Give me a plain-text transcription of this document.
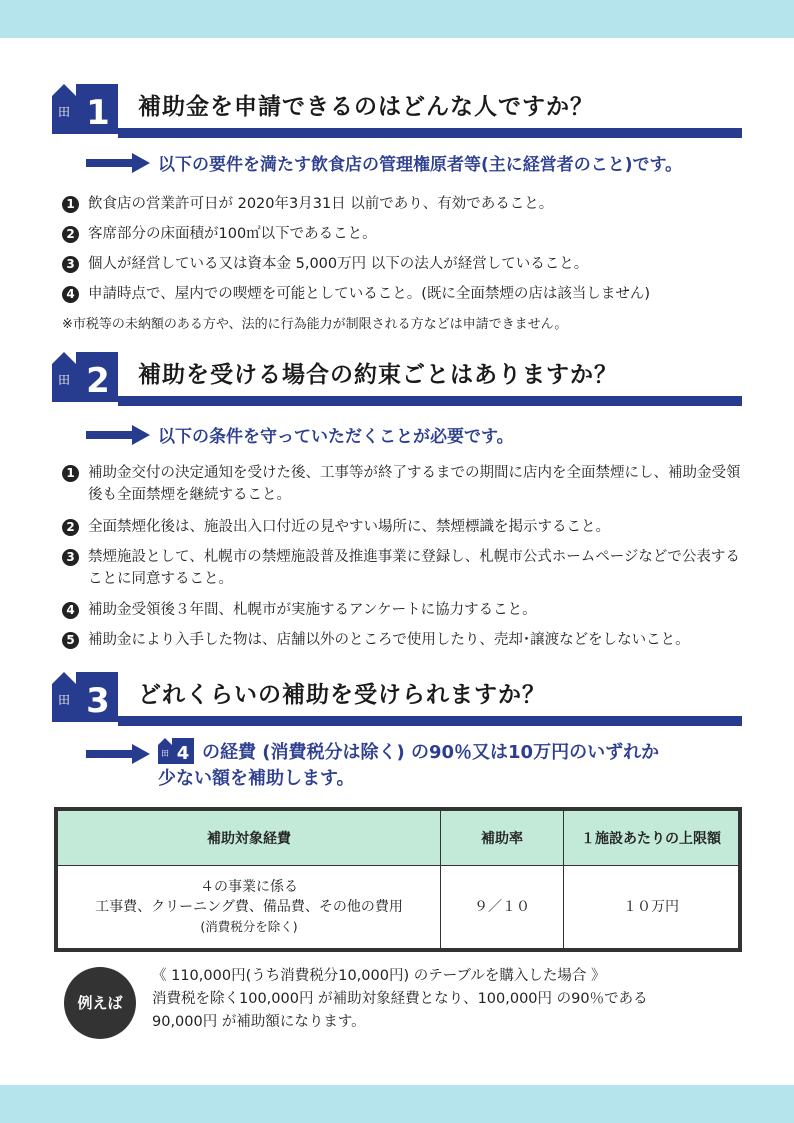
田 1 補助金を申請できるのはどんな人ですか？
以下の要件を満たす飲食店の管理権原者等(主に経営者のこと)です。
1 飲食店の営業許可日が 2020年3月31日 以前であり、有効であること。
2 客席部分の床面積が100㎡以下であること。
3 個人が経営している又は資本金 5,000万円 以下の法人が経営していること。
4 申請時点で、屋内での喫煙を可能としていること。(既に全面禁煙の店は該当しません)
※市税等の未納額のある方や、法的に行為能力が制限される方などは申請できません。
田 2 補助を受ける場合の約束ごとはありますか？
以下の条件を守っていただくことが必要です。
1 補助金交付の決定通知を受けた後、工事等が終了するまでの期間に店内を全面禁煙にし、補助金受領後も全面禁煙を継続すること。
2 全面禁煙化後は、施設出入口付近の見やすい場所に、禁煙標識を掲示すること。
3 禁煙施設として、札幌市の禁煙施設普及推進事業に登録し、札幌市公式ホームページなどで公表することに同意すること。
4 補助金受領後３年間、札幌市が実施するアンケートに協力すること。
5 補助金により入手した物は、店舗以外のところで使用したり、売却･譲渡などをしないこと。
田 3 どれくらいの補助を受けられますか？
田 4 の経費 (消費税分は除く) の90％又は10万円のいずれか
少ない額を補助します。
補助対象経費	補助率	１施設あたりの上限額

４の事業に係る
工事費、クリーニング費、備品費、その他の費用
(消費税分を除く)	９／１０	１０万円
例えば
《 110,000円(うち消費税分10,000円) のテーブルを購入した場合 》
消費税を除く100,000円 が補助対象経費となり、100,000円 の90％である
90,000円 が補助額になります。
